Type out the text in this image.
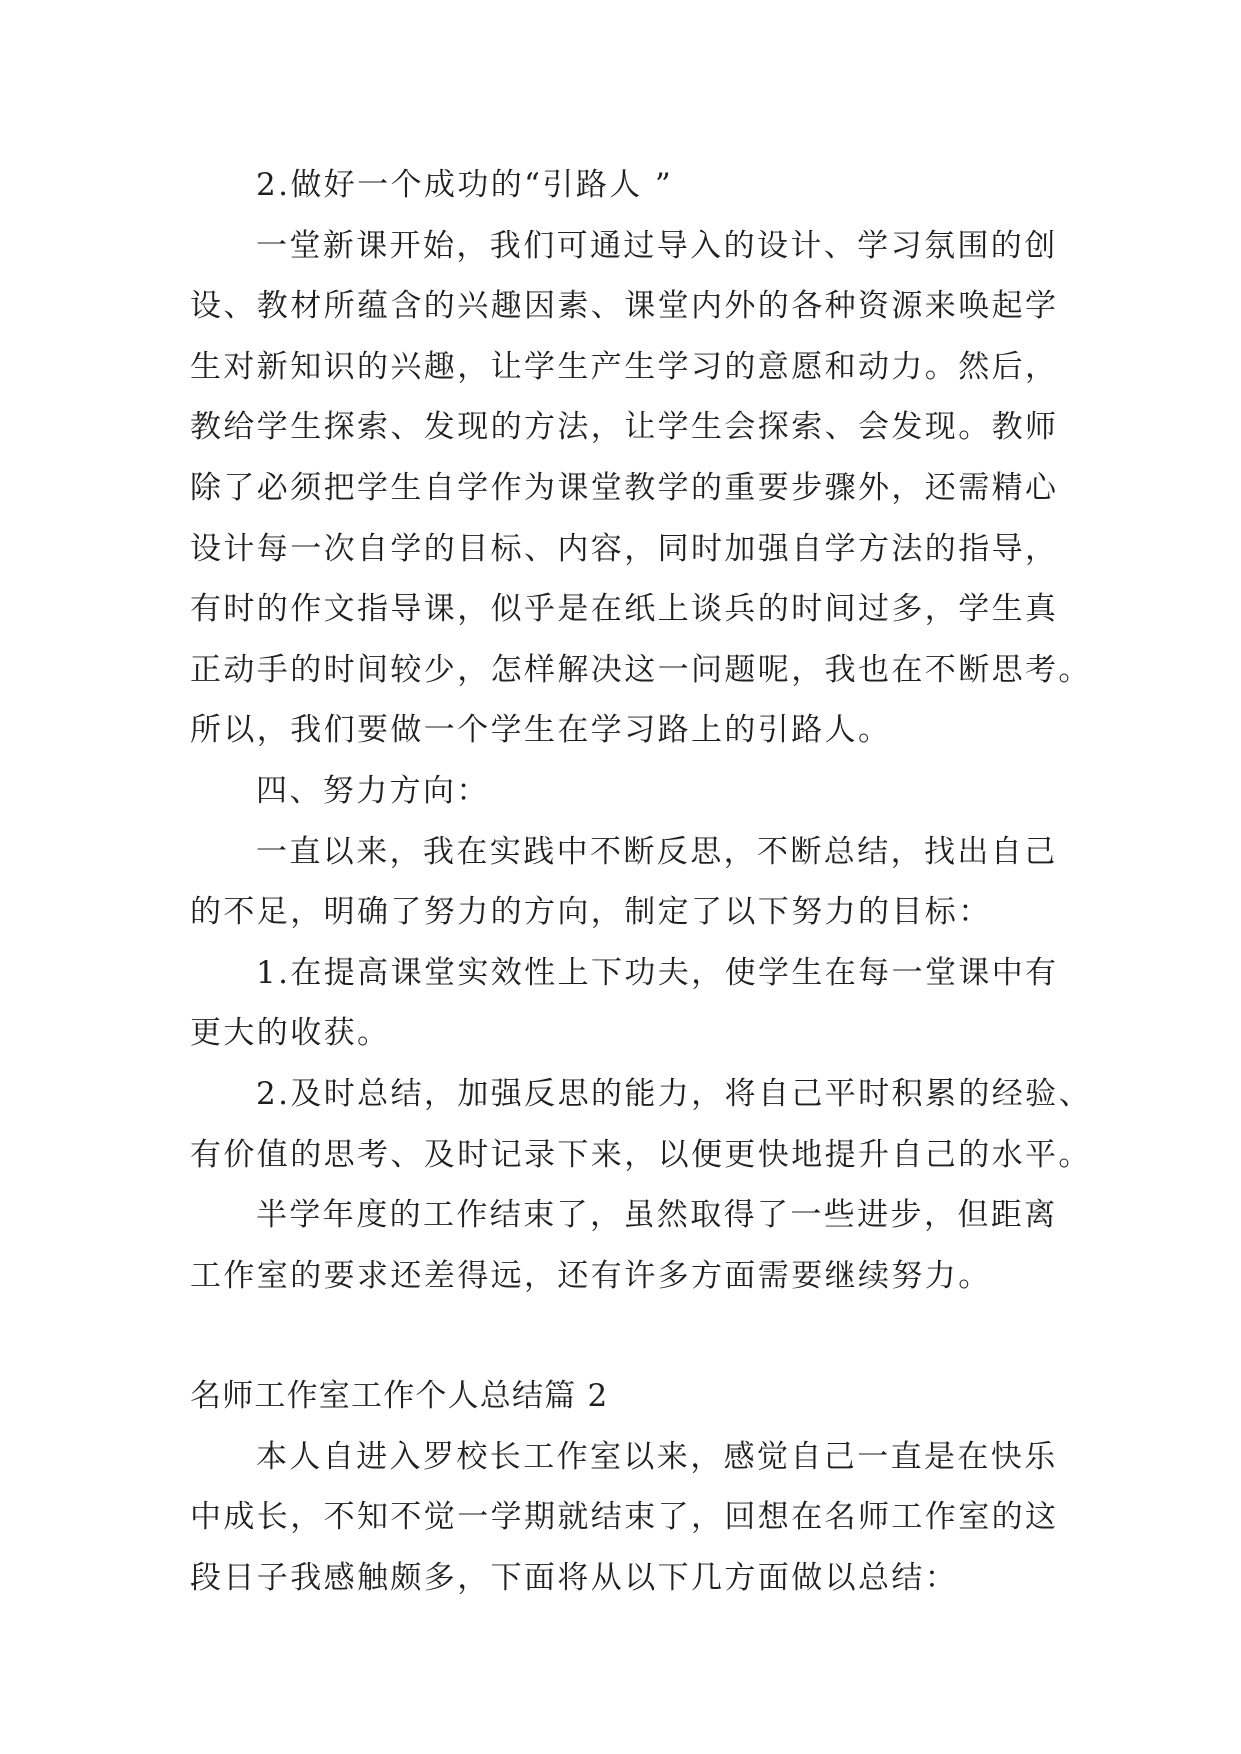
2.做好一个成功的“引路人 ”
一堂新课开始，我们可通过导入的设计、学习氛围的创
设、教材所蕴含的兴趣因素、课堂内外的各种资源来唤起学
生对新知识的兴趣，让学生产生学习的意愿和动力。然后，
教给学生探索、发现的方法，让学生会探索、会发现。教师
除了必须把学生自学作为课堂教学的重要步骤外，还需精心
设计每一次自学的目标、内容，同时加强自学方法的指导，
有时的作文指导课，似乎是在纸上谈兵的时间过多，学生真
正动手的时间较少，怎样解决这一问题呢，我也在不断思考。
所以，我们要做一个学生在学习路上的引路人。
四、努力方向：
一直以来，我在实践中不断反思，不断总结，找出自己
的不足，明确了努力的方向，制定了以下努力的目标：
1.在提高课堂实效性上下功夫，使学生在每一堂课中有
更大的收获。
2.及时总结，加强反思的能力，将自己平时积累的经验、
有价值的思考、及时记录下来，以便更快地提升自己的水平。
半学年度的工作结束了，虽然取得了一些进步，但距离
工作室的要求还差得远，还有许多方面需要继续努力。
名师工作室工作个人总结篇 2
本人自进入罗校长工作室以来，感觉自己一直是在快乐
中成长，不知不觉一学期就结束了，回想在名师工作室的这
段日子我感触颇多，下面将从以下几方面做以总结：
